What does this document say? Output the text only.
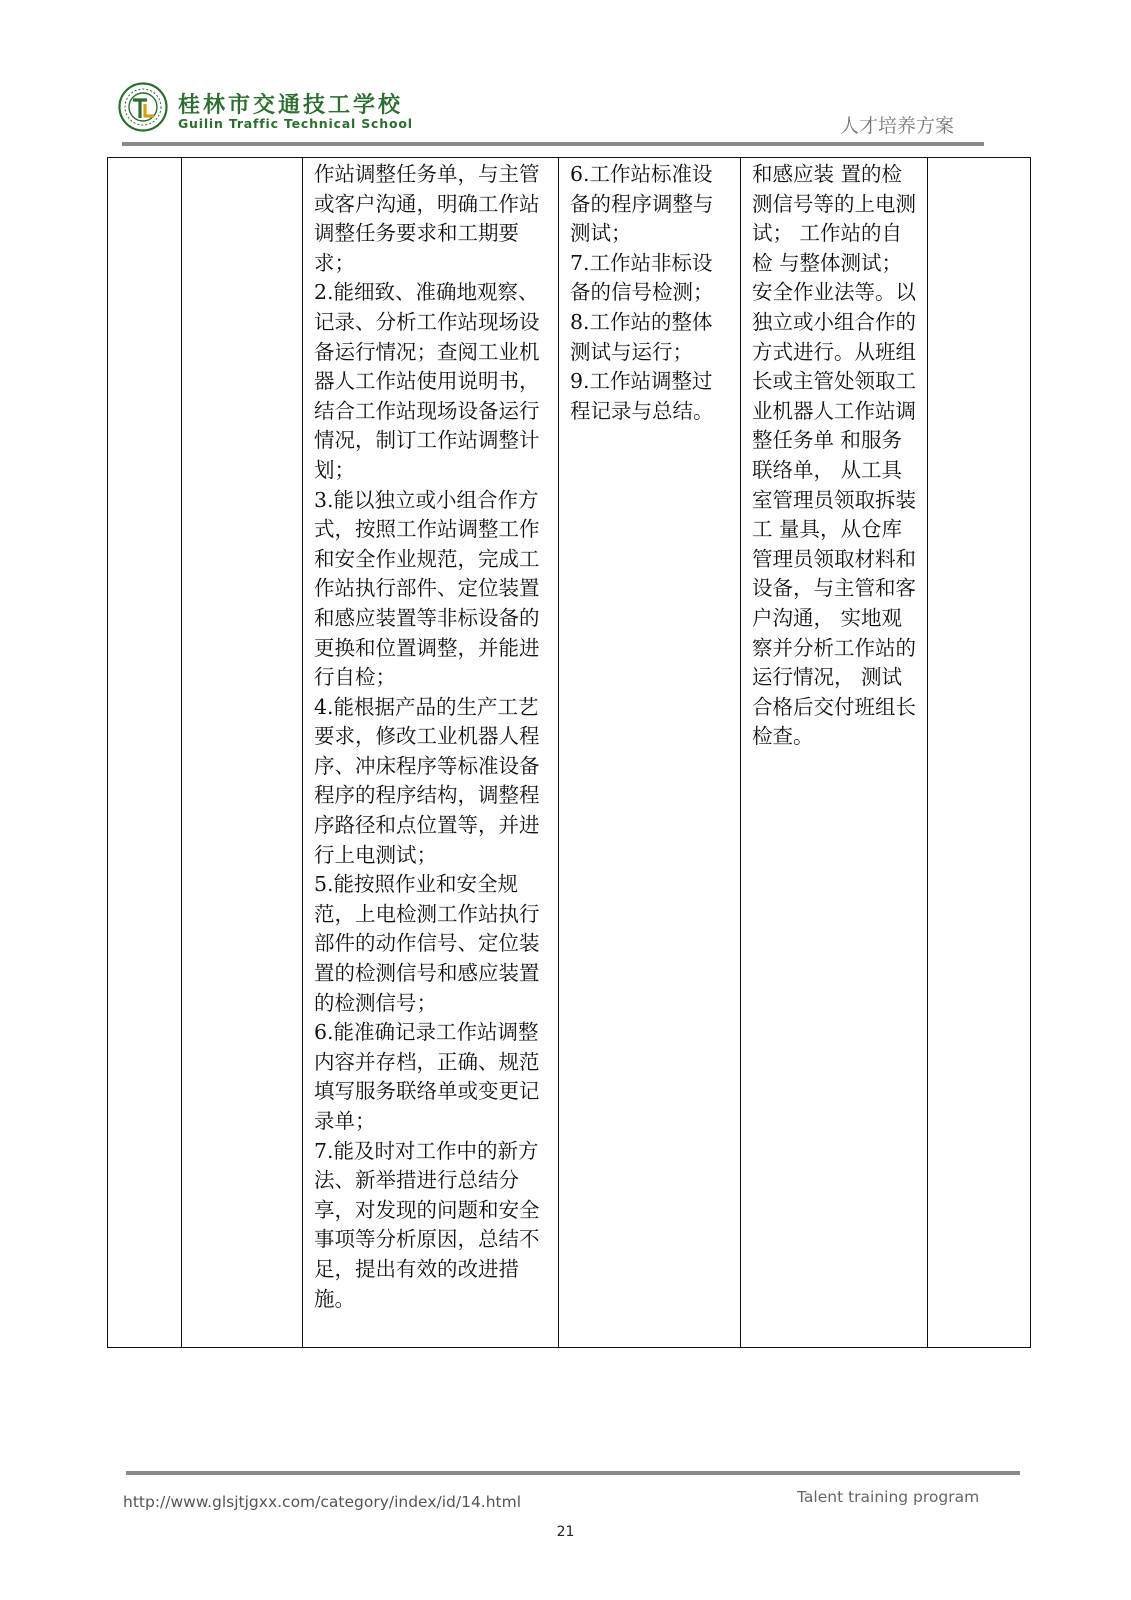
桂林市交通技工学校
Guilin Traffic Technical School	人才培养方案

作站调整任务单，与主管或客户沟通，明确工作站调整任务要求和工期要求；
2.能细致、准确地观察、记录、分析工作站现场设备运行情况；查阅工业机器人工作站使用说明书，结合工作站现场设备运行情况，制订工作站调整计划；
3.能以独立或小组合作方式，按照工作站调整工作和安全作业规范，完成工作站执行部件、定位装置和感应装置等非标设备的更换和位置调整，并能进行自检；
4.能根据产品的生产工艺要求，修改工业机器人程序、冲床程序等标准设备程序的程序结构，调整程序路径和点位置等，并进行上电测试；
5.能按照作业和安全规范，上电检测工作站执行部件的动作信号、定位装置的检测信号和感应装置的检测信号；
6.能准确记录工作站调整内容并存档，正确、规范填写服务联络单或变更记录单；
7.能及时对工作中的新方法、新举措进行总结分享，对发现的问题和安全事项等分析原因，总结不足，提出有效的改进措施。

6.工作站标准设备的程序调整与测试；
7.工作站非标设备的信号检测；
8.工作站的整体测试与运行；
9.工作站调整过程记录与总结。

和感应装 置的检测信号等的上电测试； 工作站的自检 与整体测试； 安全作业法等。以独立或小组合作的方式进行。从班组长或主管处领取工业机器人工作站调整任务单 和服务联络单， 从工具室管理员领取拆装工 量具，从仓库管理员领取材料和设备，与主管和客户沟通， 实地观察并分析工作站的运行情况， 测试合格后交付班组长检查。

http://www.glsjtjgxx.com/category/index/id/14.html	Talent training program
21
